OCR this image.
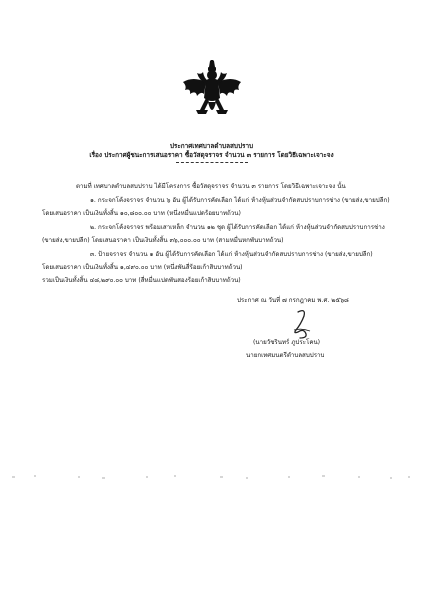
ประกาศเทศบาลตำบลสบปราบ
เรื่อง ประกาศผู้ชนะการเสนอราคา ซื้อวัสดุจราจร จำนวน ๓ รายการ โดยวิธีเฉพาะเจาะจง
ตามที่ เทศบาลตำบลสบปราบ ได้มีโครงการ ซื้อวัสดุจราจร จำนวน ๓ รายการ โดยวิธีเฉพาะเจาะจง นั้น
๑. กระจกโค้งจราจร จำนวน ๖ อัน ผู้ได้รับการคัดเลือก ได้แก่ ห้างหุ้นส่วนจำกัดสบปราบการช่าง (ขายส่ง,ขายปลีก)
โดยเสนอราคา เป็นเงินทั้งสิ้น ๑๐,๘๐๐.๐๐ บาท (หนึ่งหมื่นแปดร้อยบาทถ้วน)
๒. กระจกโค้งจราจร พร้อมเสาเหล็ก จำนวน ๑๒ ชุด ผู้ได้รับการคัดเลือก ได้แก่ ห้างหุ้นส่วนจำกัดสบปราบการช่าง
(ขายส่ง,ขายปลีก) โดยเสนอราคา เป็นเงินทั้งสิ้น ๓๖,๐๐๐.๐๐ บาท (สามหมื่นหกพันบาทถ้วน)
๓. ป้ายจราจร จำนวน ๑ อัน ผู้ได้รับการคัดเลือก ได้แก่ ห้างหุ้นส่วนจำกัดสบปราบการช่าง (ขายส่ง,ขายปลีก)
โดยเสนอราคา เป็นเงินทั้งสิ้น ๑,๔๙๐.๐๐ บาท (หนึ่งพันสี่ร้อยเก้าสิบบาทถ้วน)
รวมเป็นเงินทั้งสิ้น ๔๘,๒๙๐.๐๐ บาท (สี่หมื่นแปดพันสองร้อยเก้าสิบบาทถ้วน)
ประกาศ ณ วันที่ ๗ กรกฎาคม พ.ศ. ๒๕๖๘
(นายวัชรินทร์ ภูประโคน)
นายกเทศมนตรีตำบลสบปราบ
